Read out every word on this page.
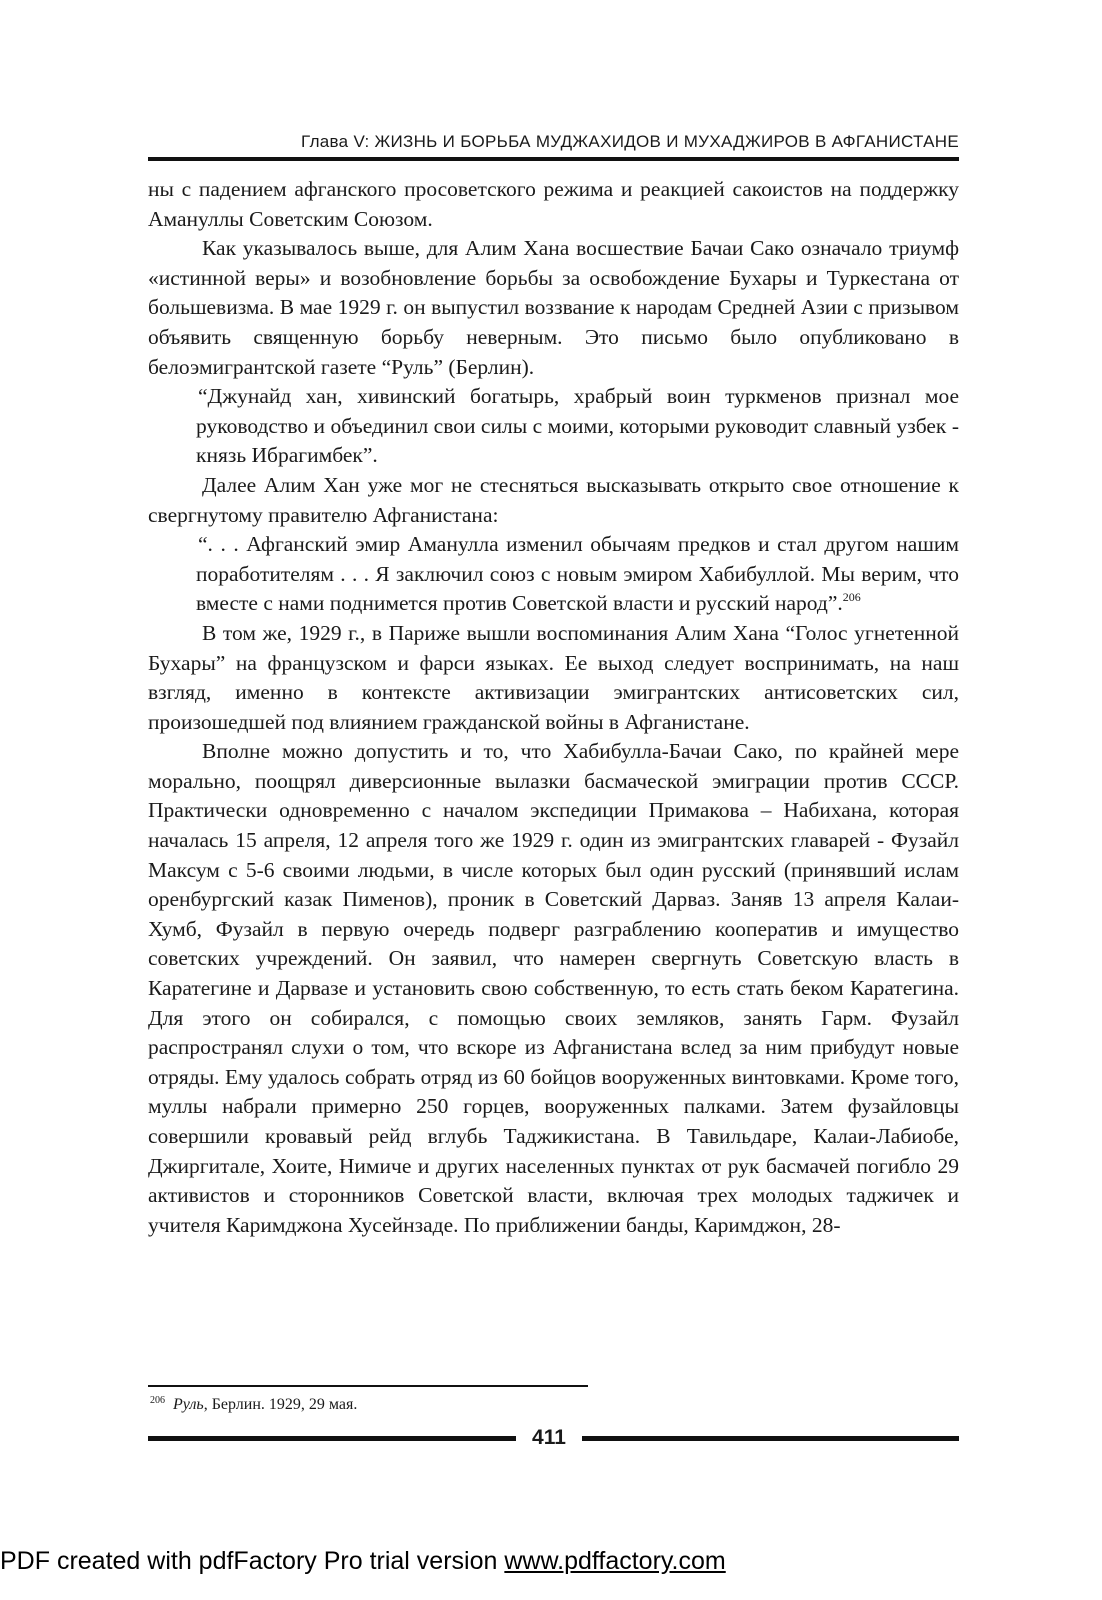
Глава V: ЖИЗНЬ И БОРЬБА МУДЖАХИДОВ И МУХАДЖИРОВ В АФГАНИСТАНЕ

ны с падением афганского просоветского режима и реакцией сакоистов на поддержку Амануллы Советским Союзом.

Как указывалось выше, для Алим Хана восшествие Бачаи Сако означало триумф «истинной веры» и возобновление борьбы за освобождение Бухары и Туркестана от большевизма. В мае 1929 г. он выпустил воззвание к народам Средней Азии с призывом объявить священную борьбу неверным. Это письмо было опубликовано в белоэмигрантской газете “Руль” (Берлин).

“Джунайд хан, хивинский богатырь, храбрый воин туркменов признал мое руководство и объединил свои силы с моими, которыми руководит славный узбек - князь Ибрагимбек”.

Далее Алим Хан уже мог не стесняться высказывать открыто свое отношение к свергнутому правителю Афганистана:

“. . . Афганский эмир Аманулла изменил обычаям предков и стал другом нашим поработителям . . . Я заключил союз с новым эмиром Хабибуллой. Мы верим, что вместе с нами поднимется против Советской власти и русский народ”.$^{206}$

В том же, 1929 г., в Париже вышли воспоминания Алим Хана “Голос угнетенной Бухары” на французском и фарси языках. Ее выход следует воспринимать, на наш взгляд, именно в контексте активизации эмигрантских антисоветских сил, произошедшей под влиянием гражданской войны в Афганистане.

Вполне можно допустить и то, что Хабибулла-Бачаи Сако, по крайней мере морально, поощрял диверсионные вылазки басмаческой эмиграции против СССР. Практически одновременно с началом экспедиции Примакова – Набихана, которая началась 15 апреля, 12 апреля того же 1929 г. один из эмигрантских главарей - Фузайл Максум с 5-6 своими людьми, в числе которых был один русский (принявший ислам оренбургский казак Пименов), проник в Советский Дарваз. Заняв 13 апреля Калаи-Хумб, Фузайл в первую очередь подверг разграблению кооператив и имущество советских учреждений. Он заявил, что намерен свергнуть Советскую власть в Каратегине и Дарвазе и установить свою собственную, то есть стать беком Каратегина. Для этого он собирался, с помощью своих земляков, занять Гарм. Фузайл распространял слухи о том, что вскоре из Афганистана вслед за ним прибудут новые отряды. Ему удалось собрать отряд из 60 бойцов вооруженных винтовками. Кроме того, муллы набрали примерно 250 горцев, вооруженных палками. Затем фузайловцы совершили кровавый рейд вглубь Таджикистана. В Тавильдаре, Калаи-Лабиобе, Джиргитале, Хоите, Нимиче и других населенных пунктах от рук басмачей погибло 29 активистов и сторонников Советской власти, включая трех молодых таджичек и учителя Каримджона Хусейнзаде. По приближении банды, Каримджон, 28-

$^{206}$ Руль, Берлин. 1929, 29 мая.
411
PDF created with pdfFactory Pro trial version www.pdffactory.com
